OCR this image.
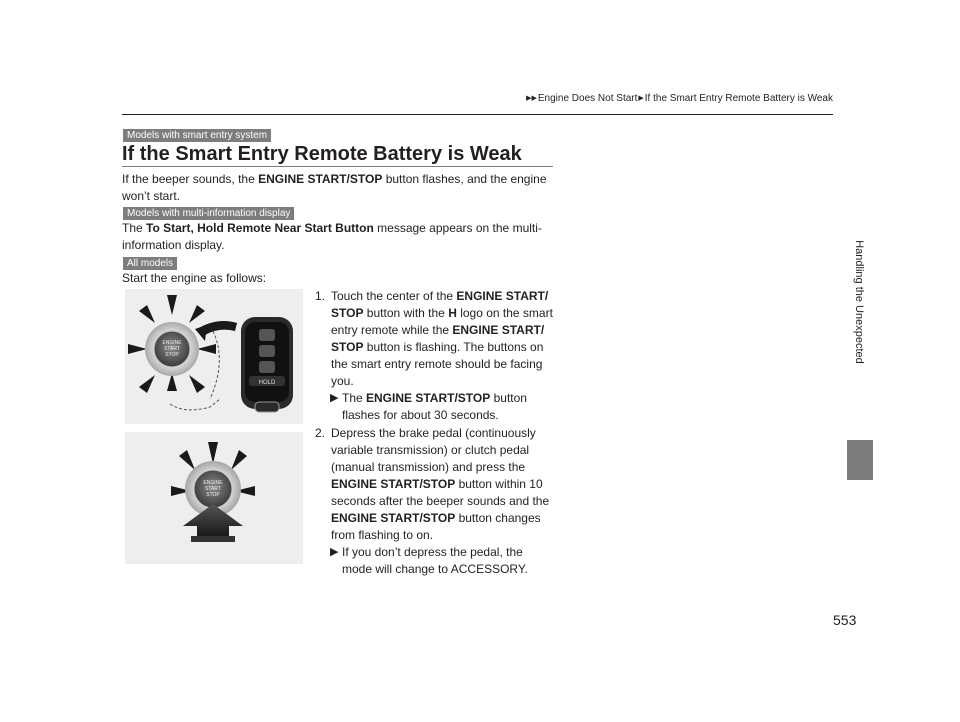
▶▶Engine Does Not Start▶If the Smart Entry Remote Battery is Weak
Models with smart entry system
If the Smart Entry Remote Battery is Weak
If the beeper sounds, the ENGINE START/STOP button flashes, and the engine won’t start.
Models with multi-information display
The To Start, Hold Remote Near Start Button message appears on the multi-information display.
All models
Start the engine as follows:
ENGINE
START
STOP
HOLD
1. Touch the center of the ENGINE START/ STOP button with the H logo on the smart entry remote while the ENGINE START/ STOP button is flashing. The buttons on the smart entry remote should be facing you.
▶ The ENGINE START/STOP button flashes for about 30 seconds.
ENGINE
START
STOP
2. Depress the brake pedal (continuously variable transmission) or clutch pedal (manual transmission) and press the ENGINE START/STOP button within 10 seconds after the beeper sounds and the ENGINE START/STOP button changes from flashing to on.
▶ If you don’t depress the pedal, the mode will change to ACCESSORY.
Handling the Unexpected
553
